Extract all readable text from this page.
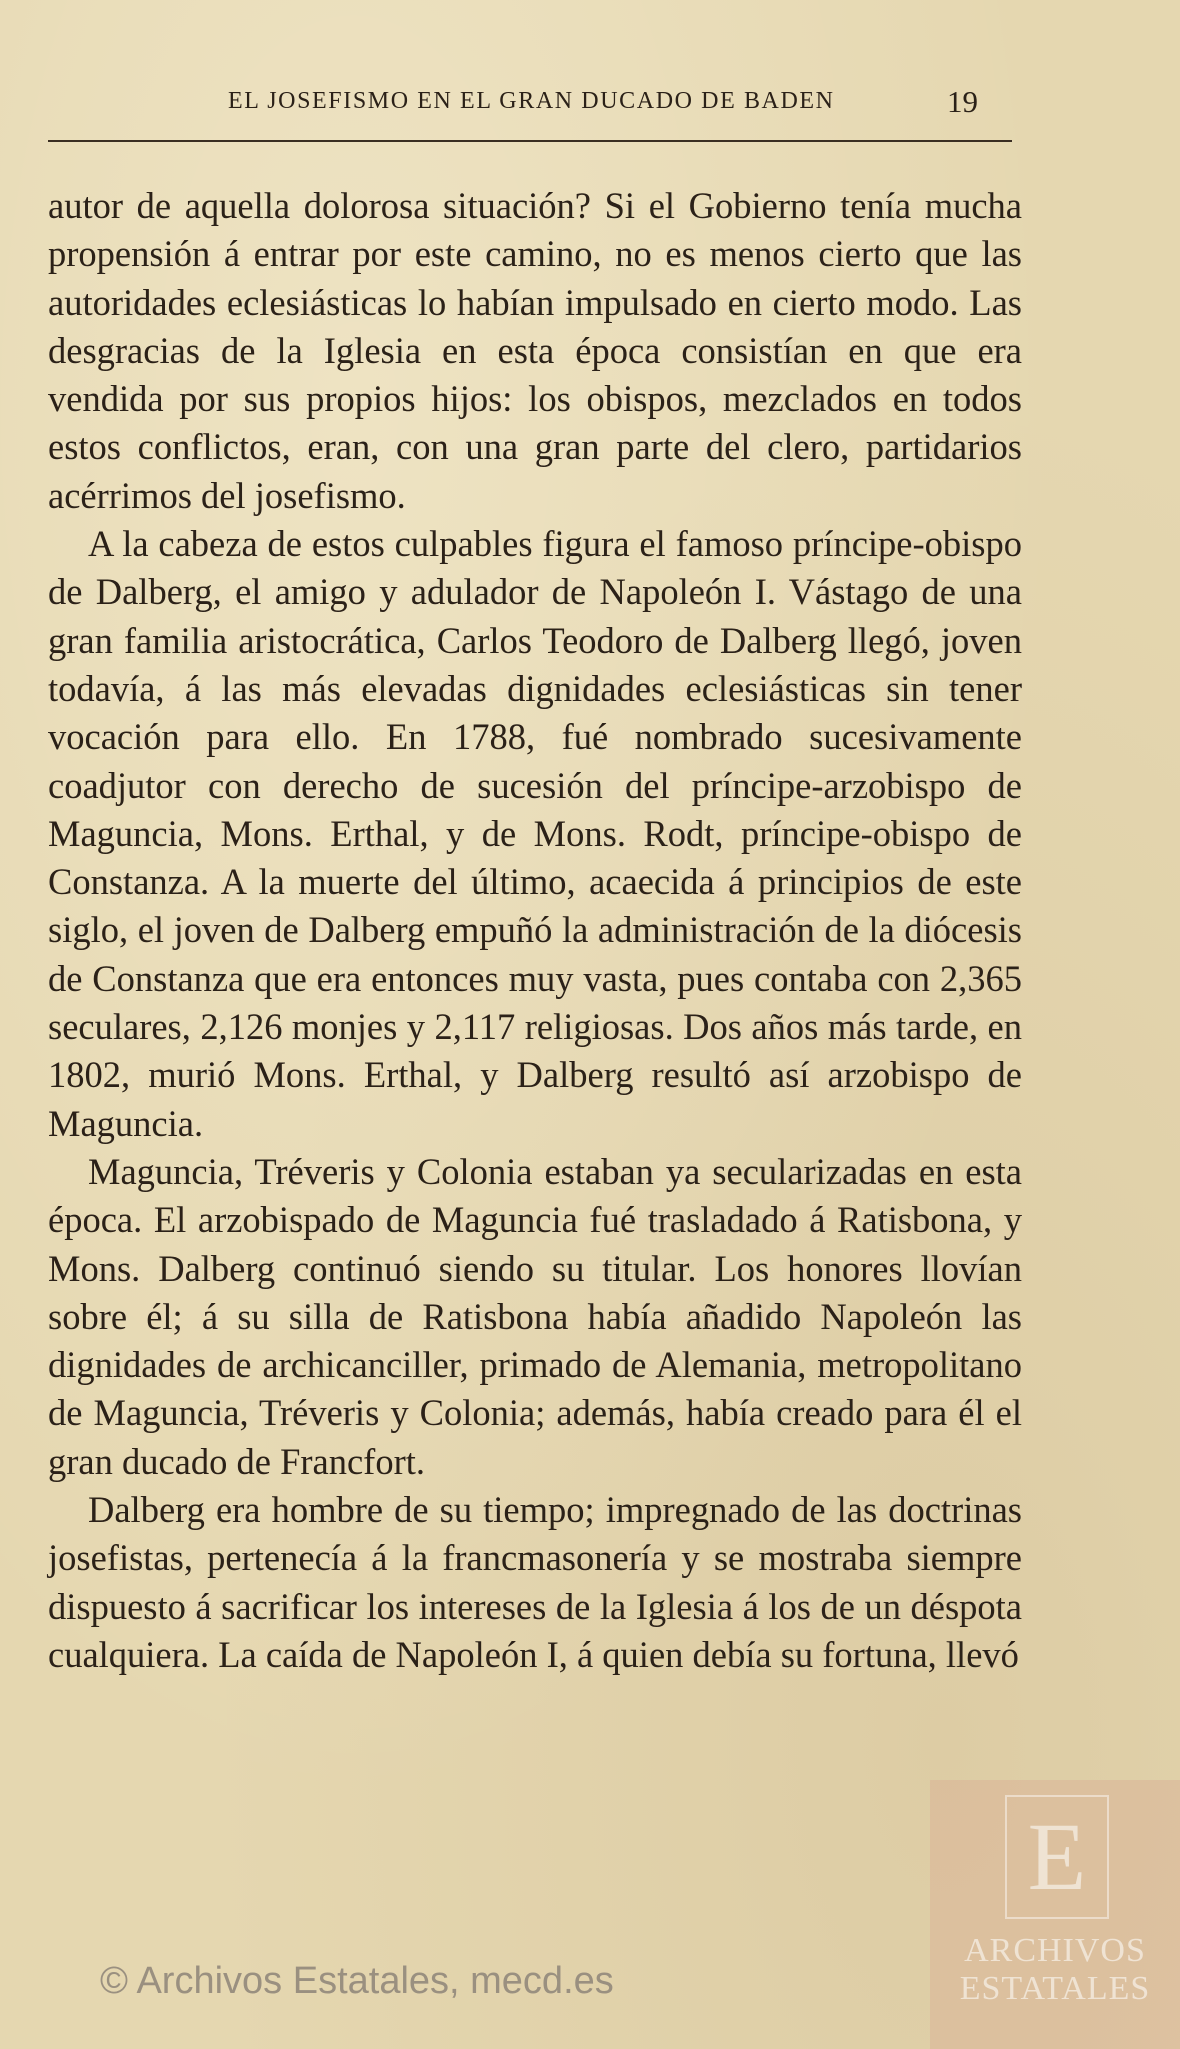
EL JOSEFISMO EN EL GRAN DUCADO DE BADEN	19

autor de aquella dolorosa situación? Si el Gobierno tenía mucha propensión á entrar por este camino, no es menos cierto que las autoridades eclesiásticas lo habían impulsado en cierto modo. Las desgracias de la Iglesia en esta época consistían en que era vendida por sus propios hijos: los obispos, mezclados en todos estos conflictos, eran, con una gran parte del clero, partidarios acérrimos del josefismo.

A la cabeza de estos culpables figura el famoso príncipe-obispo de Dalberg, el amigo y adulador de Napoleón I. Vástago de una gran familia aristocrática, Carlos Teodoro de Dalberg llegó, joven todavía, á las más elevadas dignidades eclesiásticas sin tener vocación para ello. En 1788, fué nombrado sucesivamente coadjutor con derecho de sucesión del príncipe-arzobispo de Maguncia, Mons. Erthal, y de Mons. Rodt, príncipe-obispo de Constanza. A la muerte del último, acaecida á principios de este siglo, el joven de Dalberg empuñó la administración de la diócesis de Constanza que era entonces muy vasta, pues contaba con 2,365 seculares, 2,126 monjes y 2,117 religiosas. Dos años más tarde, en 1802, murió Mons. Erthal, y Dalberg resultó así arzobispo de Maguncia.

Maguncia, Tréveris y Colonia estaban ya secularizadas en esta época. El arzobispado de Maguncia fué trasladado á Ratisbona, y Mons. Dalberg continuó siendo su titular. Los honores llovían sobre él; á su silla de Ratisbona había añadido Napoleón las dignidades de archicanciller, primado de Alemania, metropolitano de Maguncia, Tréveris y Colonia; además, había creado para él el gran ducado de Francfort.

Dalberg era hombre de su tiempo; impregnado de las doctrinas josefistas, pertenecía á la francmasonería y se mostraba siempre dispuesto á sacrificar los intereses de la Iglesia á los de un déspota cualquiera. La caída de Napoleón I, á quien debía su fortuna, llevó

© Archivos Estatales, mecd.es
E
ARCHIVOS
ESTATALES
